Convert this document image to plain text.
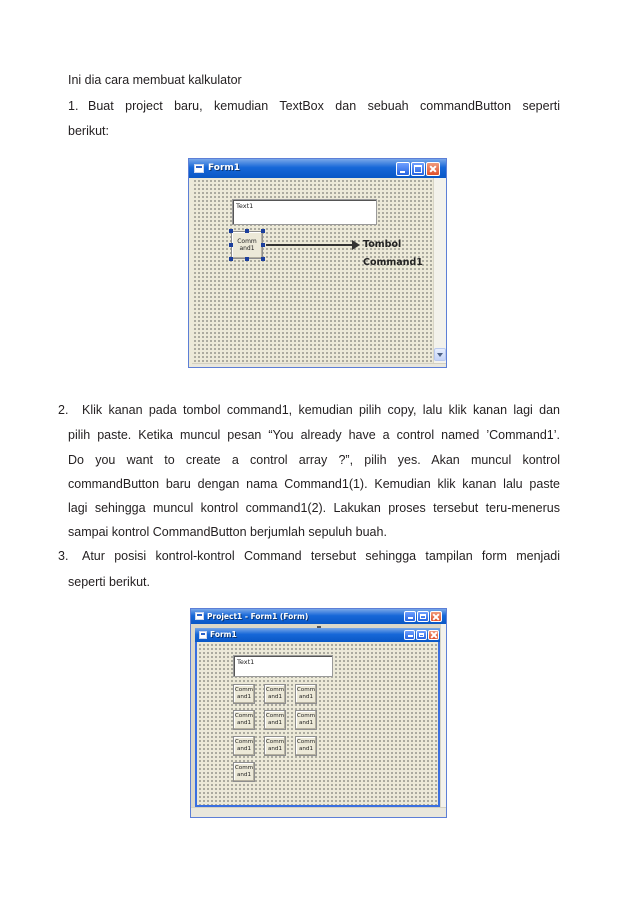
Ini dia cara membuat kalkulator
1. Buat project baru, kemudian TextBox dan sebuah commandButton seperti
berikut:
Form1
Text1
Comm
and1	Tombol
Command1
2. Klik kanan pada tombol command1, kemudian pilih copy, lalu klik kanan lagi dan
pilih paste. Ketika muncul pesan “You already have a control named ’Command1’.
Do you want to create a control array ?”, pilih yes. Akan muncul kontrol
commandButton baru dengan nama Command1(1). Kemudian klik kanan lalu paste
lagi sehingga muncul kontrol command1(2). Lakukan proses tersebut teru-menerus
sampai kontrol CommandButton berjumlah sepuluh buah.
3. Atur posisi kontrol-kontrol Command tersebut sehingga tampilan form menjadi
seperti berikut.
Project1 - Form1 (Form)
Form1
Text1
Comm
and1
Comm
and1
Comm
and1
Comm
and1
Comm
and1
Comm
and1
Comm
and1
Comm
and1
Comm
and1
Comm
and1
